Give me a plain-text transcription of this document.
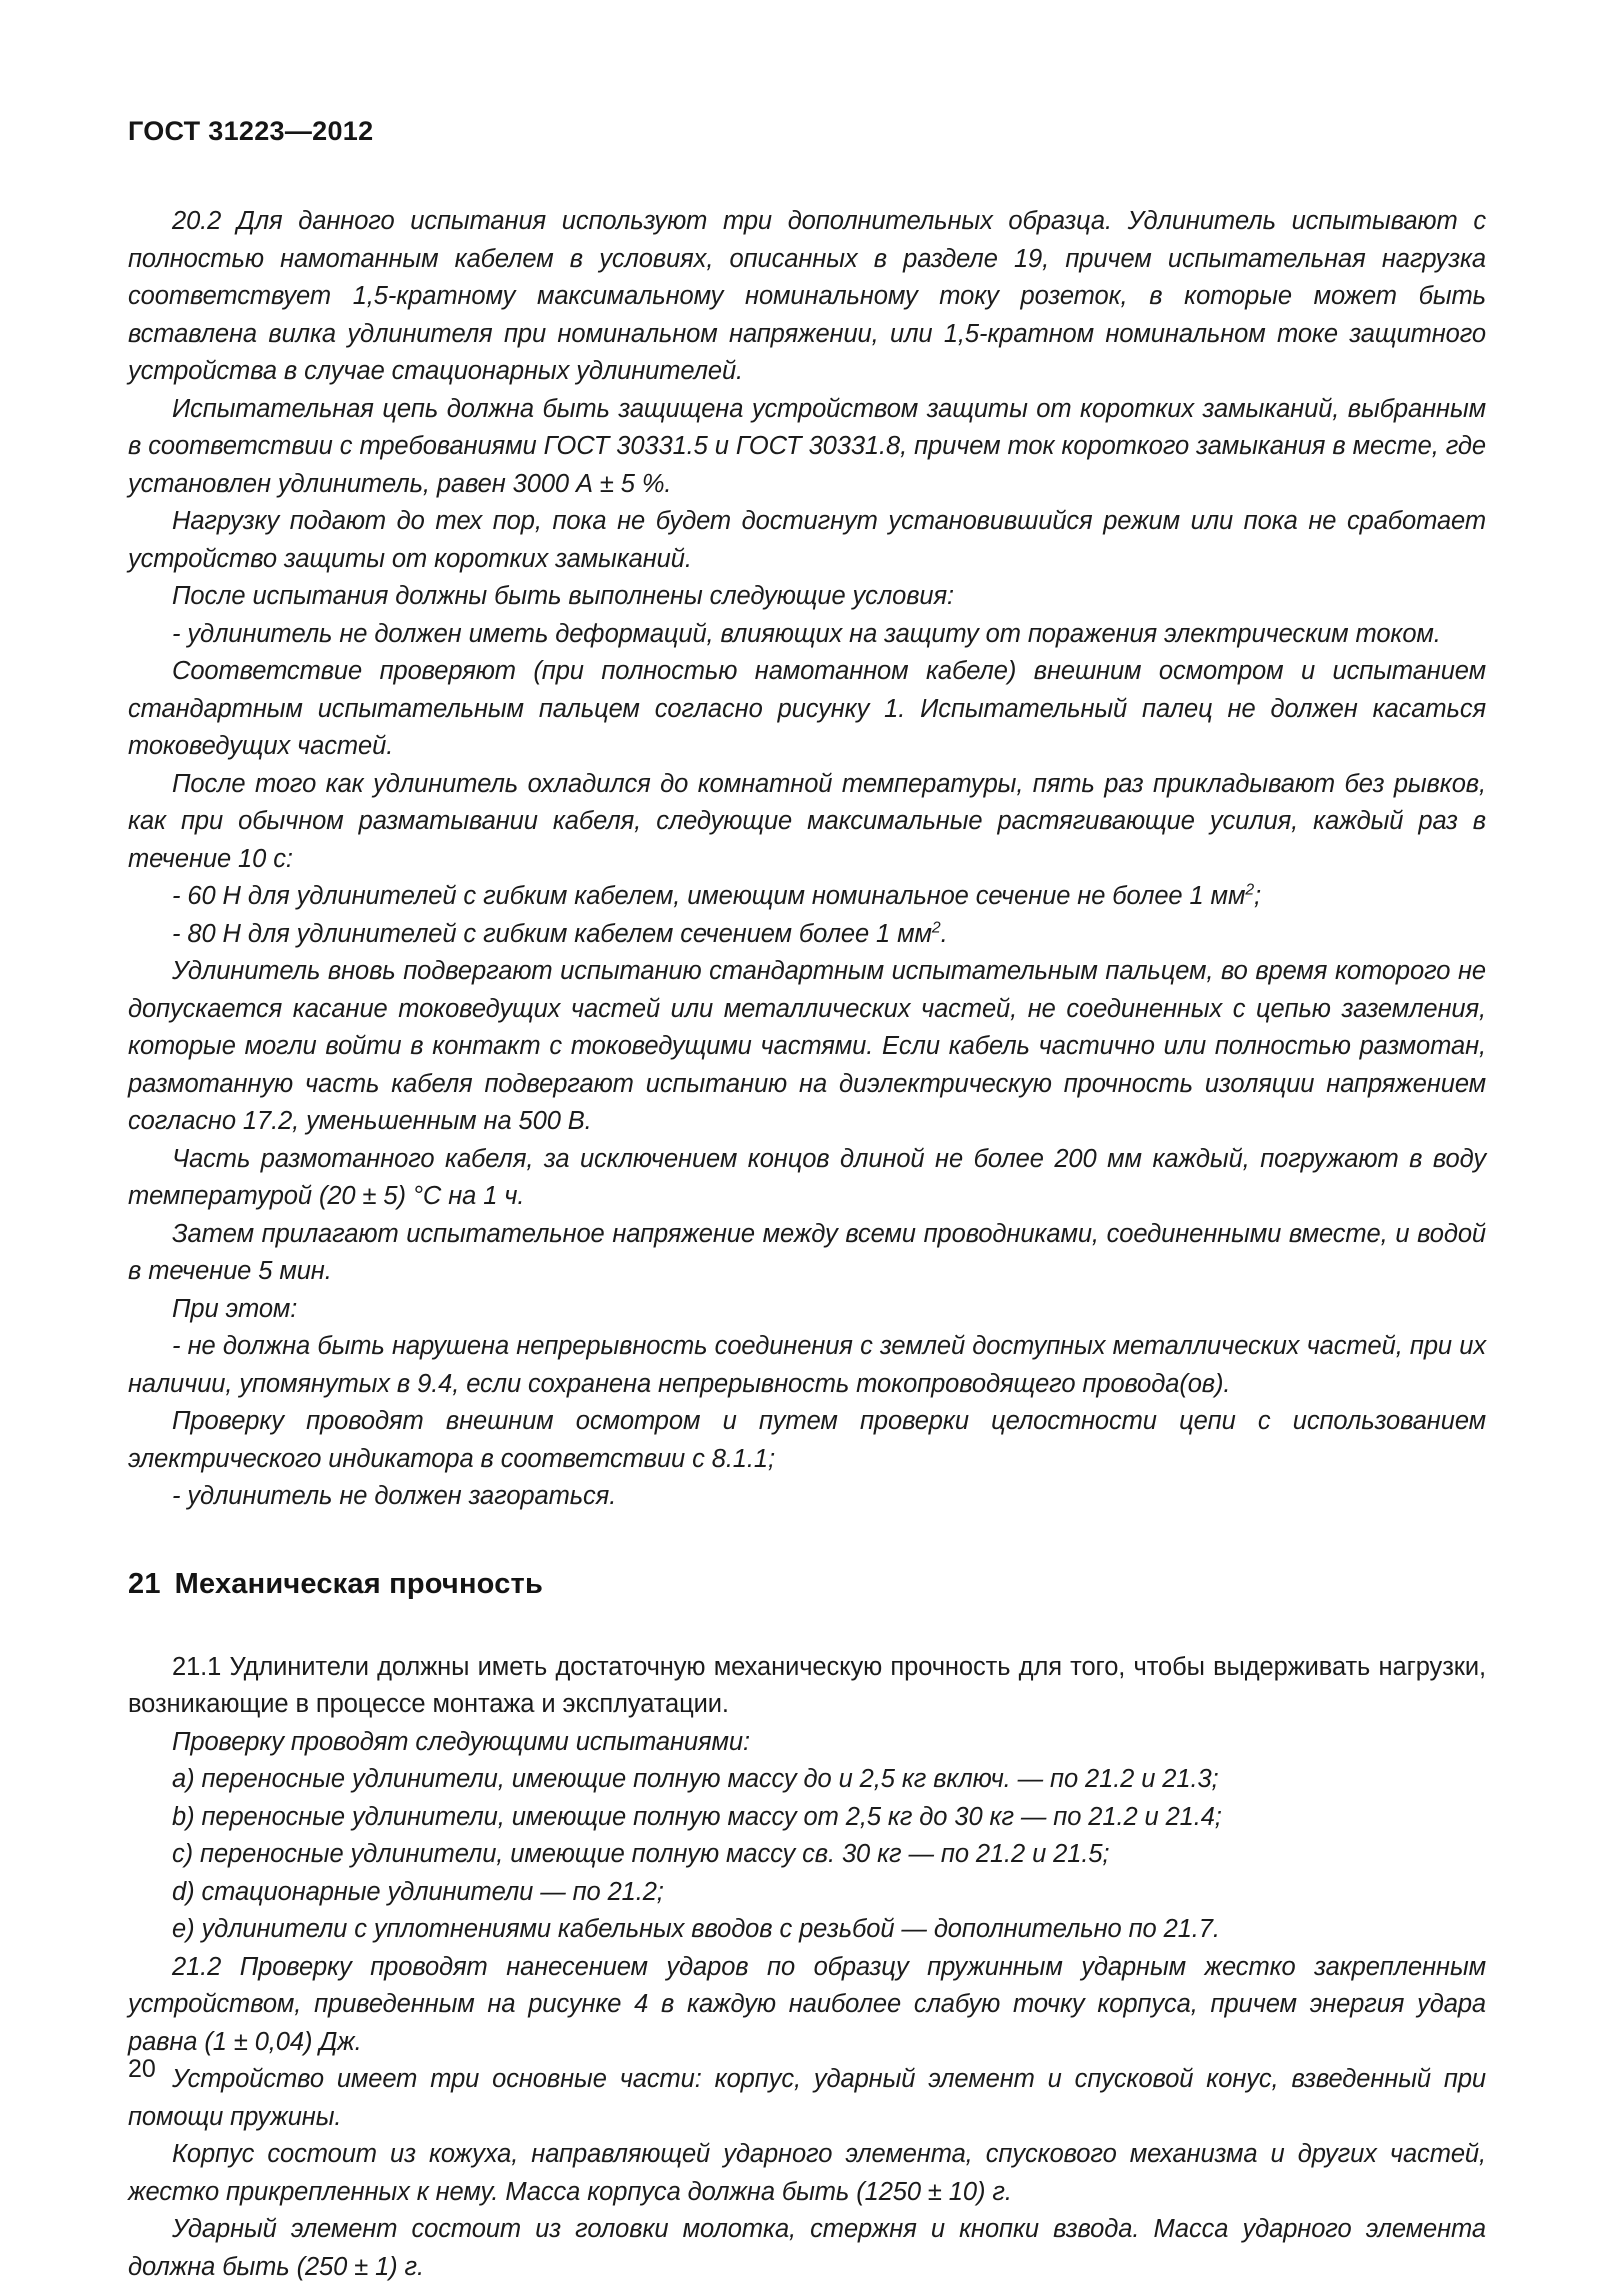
ГОСТ 31223—2012

20.2 Для данного испытания используют три дополнительных образца. Удлинитель испытывают с полностью намотанным кабелем в условиях, описанных в разделе 19, причем испытательная нагрузка соответствует 1,5-кратному максимальному номинальному току розеток, в которые может быть вставлена вилка удлинителя при номинальном напряжении, или 1,5-кратном номинальном токе защитного устройства в случае стационарных удлинителей.

Испытательная цепь должна быть защищена устройством защиты от коротких замыканий, выбранным в соответствии с требованиями ГОСТ 30331.5 и ГОСТ 30331.8, причем ток короткого замыкания в месте, где установлен удлинитель, равен 3000 А ± 5 %.

Нагрузку подают до тех пор, пока не будет достигнут установившийся режим или пока не сработает устройство защиты от коротких замыканий.

После испытания должны быть выполнены следующие условия:

- удлинитель не должен иметь деформаций, влияющих на защиту от поражения электрическим током.

Соответствие проверяют (при полностью намотанном кабеле) внешним осмотром и испытанием стандартным испытательным пальцем согласно рисунку 1. Испытательный палец не должен касаться токоведущих частей.

После того как удлинитель охладился до комнатной температуры, пять раз прикладывают без рывков, как при обычном разматывании кабеля, следующие максимальные растягивающие усилия, каждый раз в течение 10 с:

- 60 Н для удлинителей с гибким кабелем, имеющим номинальное сечение не более 1 $мм^2$;

- 80 Н для удлинителей с гибким кабелем сечением более 1 $мм^2$.

Удлинитель вновь подвергают испытанию стандартным испытательным пальцем, во время которого не допускается касание токоведущих частей или металлических частей, не соединенных с цепью заземления, которые могли войти в контакт с токоведущими частями. Если кабель частично или полностью размотан, размотанную часть кабеля подвергают испытанию на диэлектрическую прочность изоляции напряжением согласно 17.2, уменьшенным на 500 В.

Часть размотанного кабеля, за исключением концов длиной не более 200 мм каждый, погружают в воду температурой (20 ± 5) °С на 1 ч.

Затем прилагают испытательное напряжение между всеми проводниками, соединенными вместе, и водой в течение 5 мин.

При этом:

- не должна быть нарушена непрерывность соединения с землей доступных металлических частей, при их наличии, упомянутых в 9.4, если сохранена непрерывность токопроводящего провода(ов).

Проверку проводят внешним осмотром и путем проверки целостности цепи с использованием электрического индикатора в соответствии с 8.1.1;

- удлинитель не должен загораться.

21 Механическая прочность

21.1 Удлинители должны иметь достаточную механическую прочность для того, чтобы выдерживать нагрузки, возникающие в процессе монтажа и эксплуатации.

Проверку проводят следующими испытаниями:

a) переносные удлинители, имеющие полную массу до и 2,5 кг включ. — по 21.2 и 21.3;

b) переносные удлинители, имеющие полную массу от 2,5 кг до 30 кг — по 21.2 и 21.4;

c) переносные удлинители, имеющие полную массу св. 30 кг — по 21.2 и 21.5;

d) стационарные удлинители — по 21.2;

e) удлинители с уплотнениями кабельных вводов с резьбой — дополнительно по 21.7.

21.2 Проверку проводят нанесением ударов по образцу пружинным ударным жестко закрепленным устройством, приведенным на рисунке 4 в каждую наиболее слабую точку корпуса, причем энергия удара равна (1 ± 0,04) Дж.

Устройство имеет три основные части: корпус, ударный элемент и спусковой конус, взведенный при помощи пружины.

Корпус состоит из кожуха, направляющей ударного элемента, спускового механизма и других частей, жестко прикрепленных к нему. Масса корпуса должна быть (1250 ± 10) г.

Ударный элемент состоит из головки молотка, стержня и кнопки взвода. Масса ударного элемента должна быть (250 ± 1) г.

20
